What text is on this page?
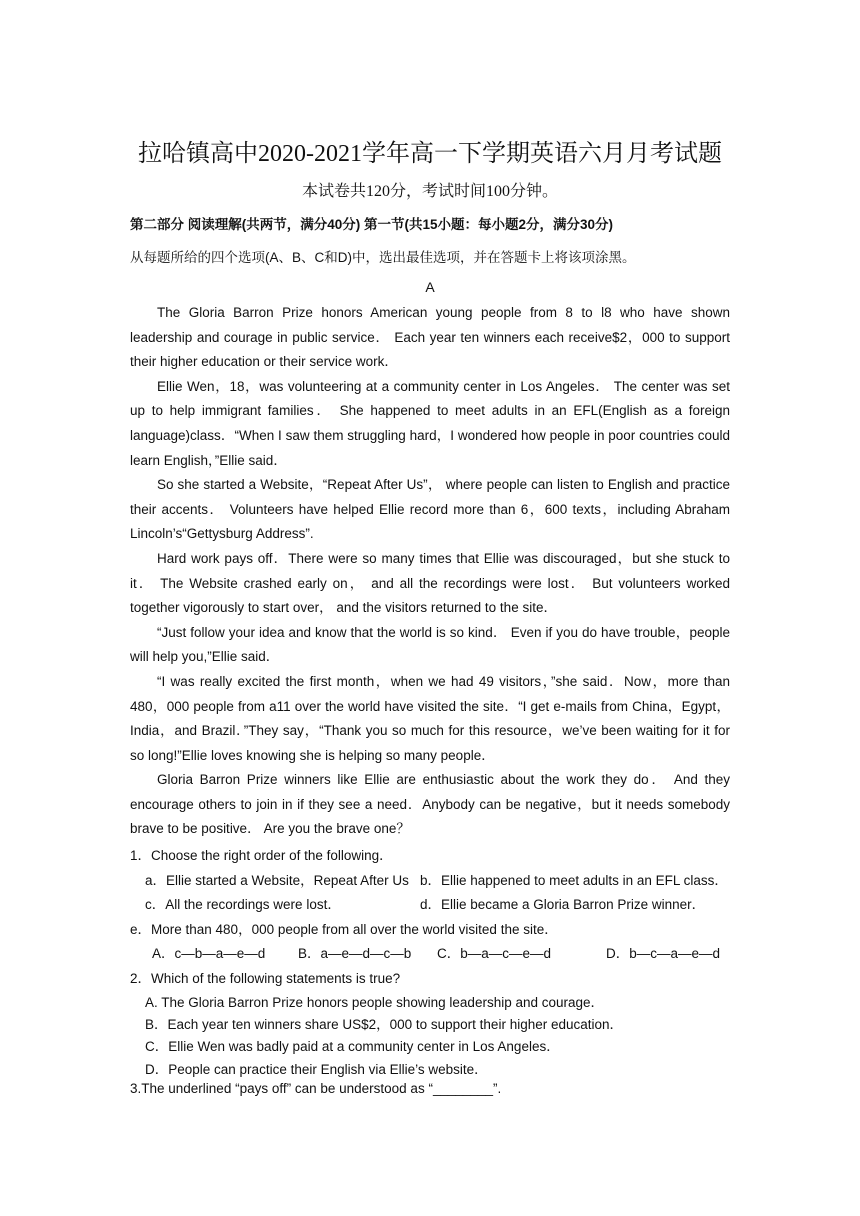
拉哈镇高中2020-2021学年高一下学期英语六月月考试题
本试卷共120分，考试时间100分钟。
第二部分 阅读理解(共两节，满分40分) 第一节(共15小题：每小题2分，满分30分)
从每题所给的四个选项(A、B、C和D)中，选出最佳选项，并在答题卡上将该项涂黑。
A

The Gloria Barron Prize honors American young people from 8 to l8 who have shown leadership and courage in public service． Each year ten winners each receive$2，000 to support their higher education or their service work．

Ellie Wen，18，was volunteering at a community center in Los Angeles． The center was set up to help immigrant families． She happened to meet adults in an EFL(English as a foreign language)class．“When I saw them struggling hard，I wondered how people in poor countries could learn English，”Ellie said．

So she started a Website，“Repeat After Us”， where people can listen to English and practice their accents． Volunteers have helped Ellie record more than 6，600 texts，including Abraham Lincoln’s“Gettysburg Address”.

Hard work pays off．There were so many times that Ellie was discouraged，but she stuck to it． The Website crashed early on， and all the recordings were lost． But volunteers worked together vigorously to start over， and the visitors returned to the site．

“Just follow your idea and know that the world is so kind． Even if you do have trouble，people will help you,”Ellie said．

“I was really excited the first month，when we had 49 visitors，”she said．Now，more than 480，000 people from a11 over the world have visited the site．“I get e-mails from China，Egypt，India，and Brazil．”They say，“Thank you so much for this resource，we’ve been waiting for it for so long!”Ellie loves knowing she is helping so many people．

Gloria Barron Prize winners like Ellie are enthusiastic about the work they do． And they encourage others to join in if they see a need．Anybody can be negative，but it needs somebody brave to be positive． Are you the brave one？

1．Choose the right order of the following．
a．Ellie started a Website，Repeat After Us b．Ellie happened to meet adults in an EFL class．
c．All the recordings were lost．	d．Ellie became a Gloria Barron Prize winner．
e．More than 480，000 people from all over the world visited the site．
A．c—b—a—e—d B．a—e—d—c—b C．b—a—c—e—d	D．b—c—a—e—d
2．Which of the following statements is true?
A. The Gloria Barron Prize honors people showing leadership and courage．
B．Each year ten winners share US$2，000 to support their higher education．
C．Ellie Wen was badly paid at a community center in Los Angeles．
D．People can practice their English via Ellie’s website．
3.The underlined “pays off” can be understood as “________”.
